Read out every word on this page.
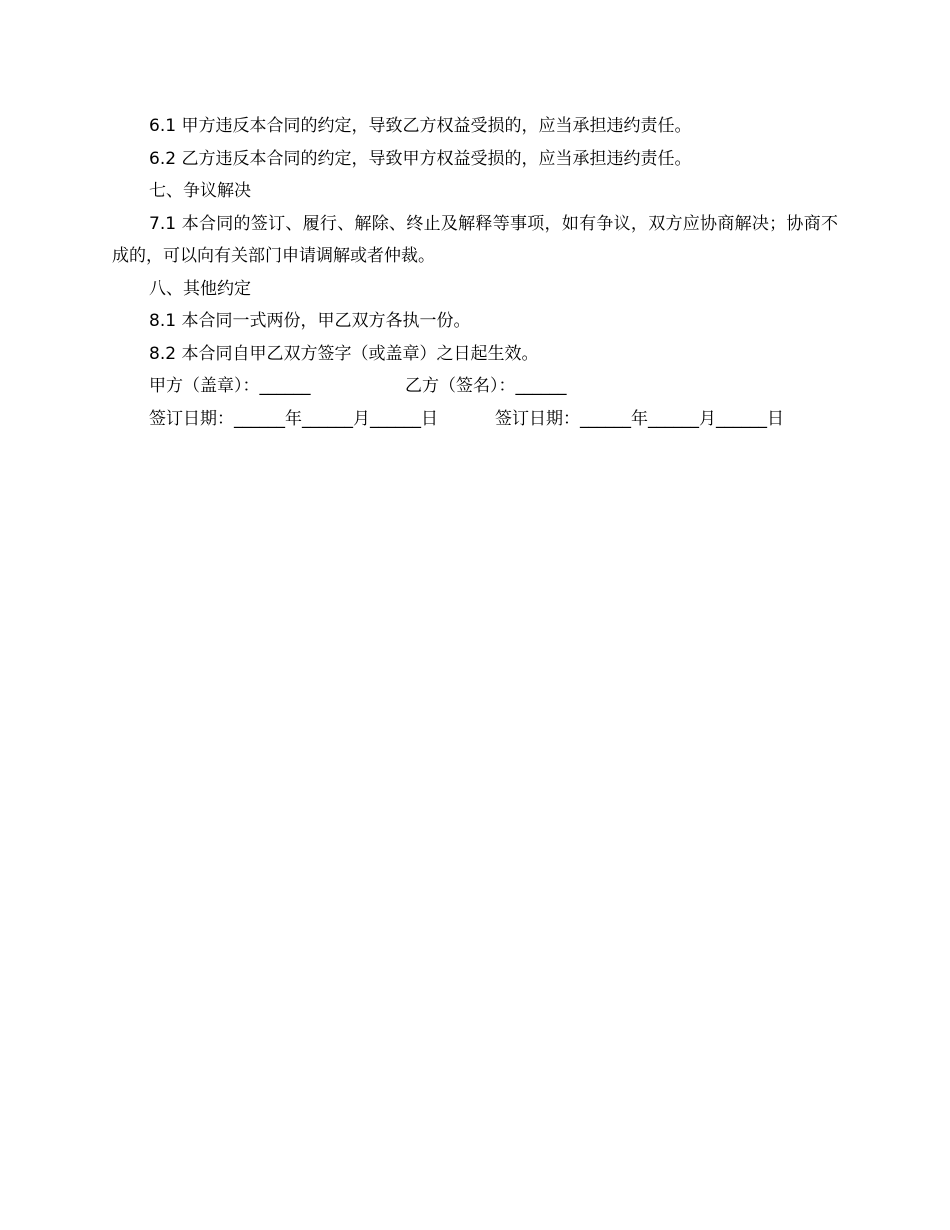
6.1 甲方违反本合同的约定，导致乙方权益受损的，应当承担违约责任。

6.2 乙方违反本合同的约定，导致甲方权益受损的，应当承担违约责任。

七、争议解决

7.1 本合同的签订、履行、解除、终止及解释等事项，如有争议，双方应协商解决；协商不成的，可以向有关部门申请调解或者仲裁。

八、其他约定

8.1 本合同一式两份，甲乙双方各执一份。

8.2 本合同自甲乙双方签字（或盖章）之日起生效。

甲方（盖章）：______	乙方（签名）：______
签订日期：______年______月______日	签订日期：______年______月______日
